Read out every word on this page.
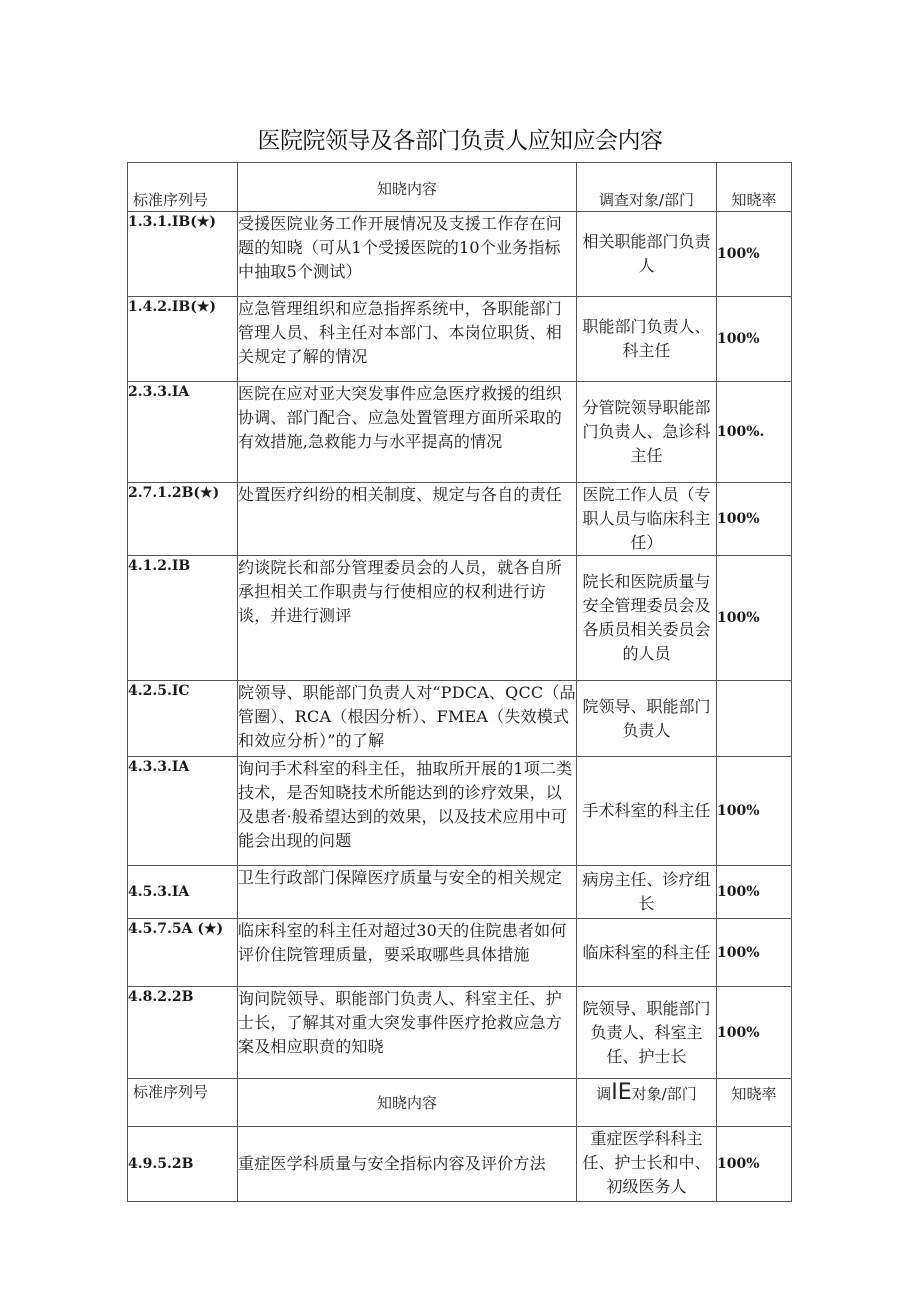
医院院领导及各部门负责人应知应会内容
标准序列号	知晓内容	调查对象/部门	知晓率
1.3.1.IB(★)	受援医院业务工作开展情况及支援工作存在问题的知晓（可从1个受援医院的10个业务指标中抽取5个测试）	相关职能部门负责人	100%
1.4.2.IB(★)	应急管理组织和应急指挥系统中，各职能部门管理人员、科主任对本部门、本岗位职货、相关规定了解的情况	职能部门负责人、科主任	100%
2.3.3.IA	医院在应对亚大突发事件应急医疗救援的组织协调、部门配合、应急处置管理方面所采取的有效措施,急救能力与水平提高的情况	分管院领导职能部门负责人、急诊科主任	100%.
2.7.1.2B(★)	处置医疗纠纷的相关制度、规定与各自的责任	医院工作人员（专职人员与临床科主任）	100%
4.1.2.IB	约谈院长和部分管理委员会的人员，就各自所承担相关工作职责与行使相应的权利进行访谈，并进行测评	院长和医院质量与安全管理委员会及各质员相关委员会的人员	100%
4.2.5.IC	院领导、职能部门负责人对“PDCA、QCC（品管圈）、RCA（根因分析）、FMEA（失效模式和效应分析）”的了解	院领导、职能部门负责人	
4.3.3.IA	询问手术科室的科主任，抽取所开展的1项二类技术，是否知晓技术所能达到的诊疗效果，以及患者·般希望达到的效果，以及技术应用中可能会出现的问题	手术科室的科主任	100%
4.5.3.IA	卫生行政部门保障医疗质量与安全的相关规定	病房主任、诊疗组长	100%
4.5.7.5A (★)	临床科室的科主任对超过30天的住院患者如何评价住院管理质量，要采取哪些具体措施	临床科室的科主任	100%
4.8.2.2B	询问院领导、职能部门负责人、科室主任、护士长，了解其对重大突发事件医疗抢救应急方案及相应职贲的知晓	院领导、职能部门负责人、科室主任、护士长	100%
标准序列号	知晓内容	调IE对象/部门	知晓率
4.9.5.2B	重症医学科质量与安全指标内容及评价方法	重症医学科科主任、护士长和中、初级医务人	100%
